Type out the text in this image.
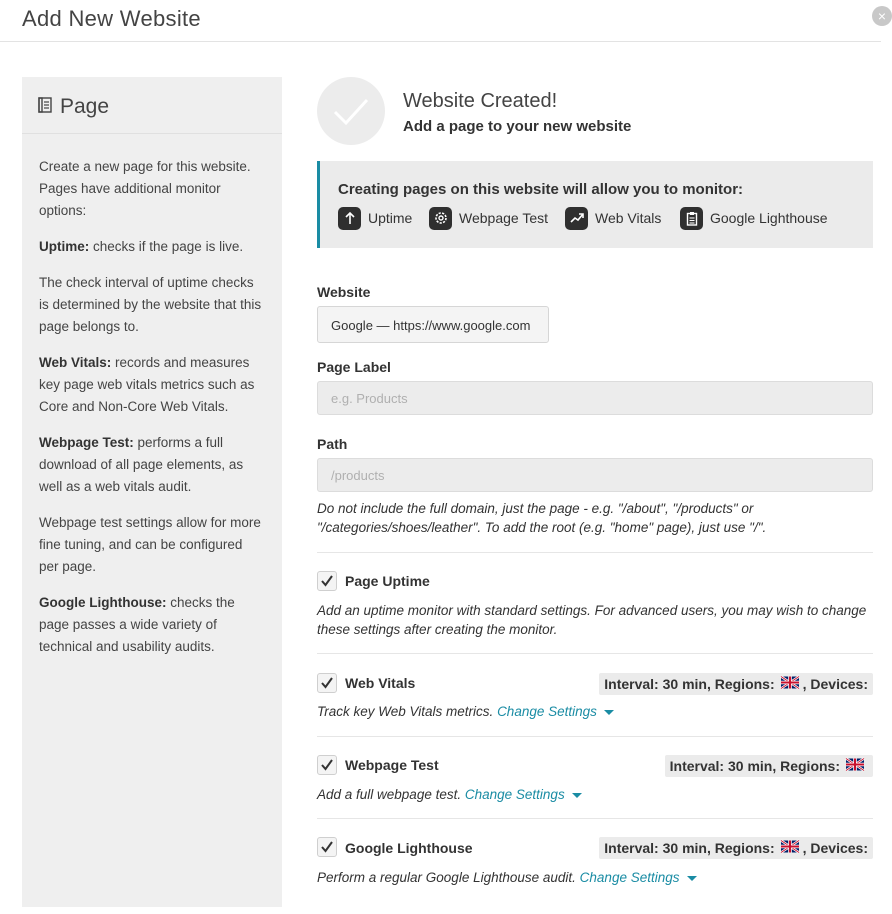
Add New Website	×
Page

Create a new page for this website. Pages have additional monitor options:

Uptime: checks if the page is live.

The check interval of uptime checks is determined by the website that this page belongs to.

Web Vitals: records and measures key page web vitals metrics such as Core and Non-Core Web Vitals.

Webpage Test: performs a full download of all page elements, as well as a web vitals audit.

Webpage test settings allow for more fine tuning, and can be configured per page.

Google Lighthouse: checks the page passes a wide variety of technical and usability audits.

Website Created!
Add a page to your new website
Creating pages on this website will allow you to monitor:
Uptime	Webpage Test	Web Vitals	Google Lighthouse
Website
Google — https://www.google.com
Page Label
e.g. Products
Path
/products
Do not include the full domain, just the page - e.g. "/about", "/products" or "/categories/shoes/leather". To add the root (e.g. "home" page), just use "/".
Page Uptime
Add an uptime monitor with standard settings. For advanced users, you may wish to change these settings after creating the monitor.
Web Vitals	Interval: 30 min, Regions: , Devices:
Track key Web Vitals metrics. Change Settings
Webpage Test	Interval: 30 min, Regions:
Add a full webpage test. Change Settings
Google Lighthouse	Interval: 30 min, Regions: , Devices:
Perform a regular Google Lighthouse audit. Change Settings
